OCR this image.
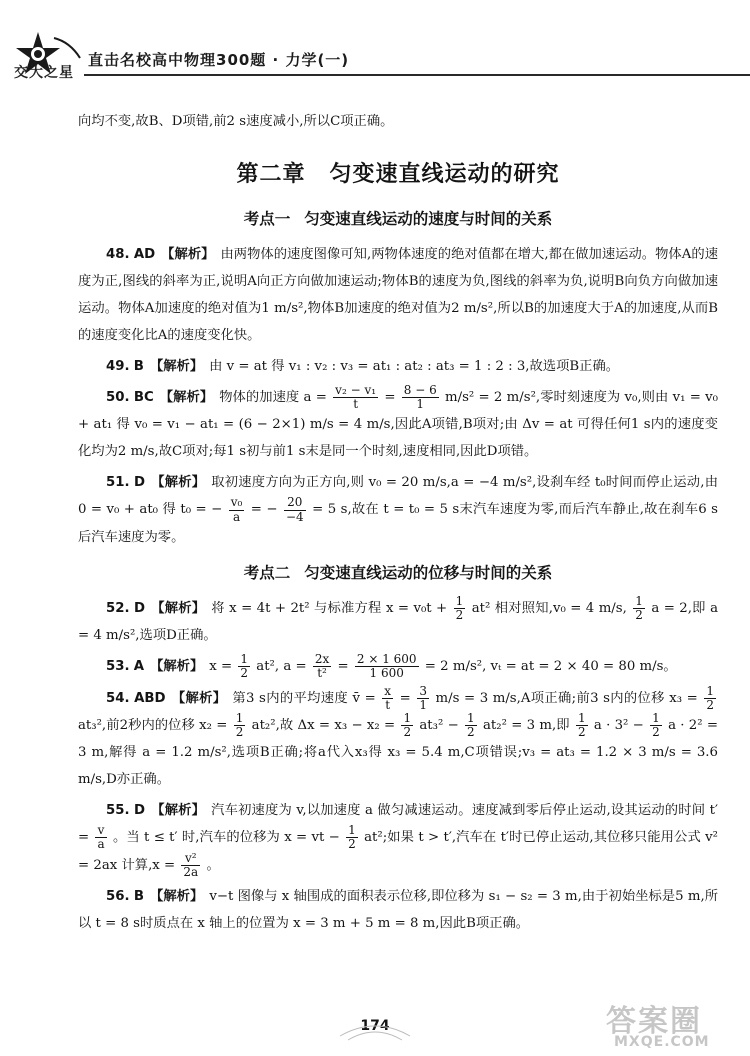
交大之星
直击名校高中物理300题 · 力学(一)

向均不变,故B、D项错,前2 s速度减小,所以C项正确。

第二章 匀变速直线运动的研究
考点一 匀变速直线运动的速度与时间的关系

48. AD 【解析】 由两物体的速度图像可知,两物体速度的绝对值都在增大,都在做加速运动。物体A的速度为正,图线的斜率为正,说明A向正方向做加速运动;物体B的速度为负,图线的斜率为负,说明B向负方向做加速运动。物体A加速度的绝对值为1 m/s²,物体B加速度的绝对值为2 m/s²,所以B的加速度大于A的加速度,从而B的速度变化比A的速度变化快。

49. B 【解析】 由 v = at 得 v₁ : v₂ : v₃ = at₁ : at₂ : at₃ = 1 : 2 : 3,故选项B正确。

50. BC 【解析】 物体的加速度 $a = \frac{\text{v₂ − v₁}}{t} = \frac{8 - 6}{1} m/s^2 = 2$ m/s²,零时刻速度为 v₀,则由 v₁ = v₀ + at₁ 得 v₀ = v₁ − at₁ = (6 − 2×1) m/s = 4 m/s,因此A项错,B项对;由 Δv = at 可得任何1 s内的速度变化均为2 m/s,故C项对;每1 s初与前1 s末是同一个时刻,速度相同,因此D项错。

51. D 【解析】 取初速度方向为正方向,则 v₀ = 20 m/s,a = −4 m/s²,设刹车经 t₀时间而停止运动,由 0 = v₀ + at₀ 得 t₀ = − $\frac{\text{v₀}}{a}$ = − $\frac{20}{-4} = 5$ s,故在 t = t₀ = 5 s末汽车速度为零,而后汽车静止,故在刹车6 s后汽车速度为零。

考点二 匀变速直线运动的位移与时间的关系

52. D 【解析】 将 x = 4t + 2t² 与标准方程 $x = v_0t + \frac{1}{2} at^2$ 相对照知,v₀ = 4 m/s, $\frac{1}{2}$ a = 2,即 a = 4 m/s²,选项D正确。

53. A 【解析】 $x = \frac{1}{2} at^2$, $a = \frac{2x}{\text{t²}} = \frac{2 \times 1 600}{1 600} = 2$ m/s², vₜ = at = 2 × 40 = 80 m/s。

54. ABD 【解析】 第3 s内的平均速度 v̄ = $\frac{x}{t} = \frac{3}{1} m/s = 3$ m/s,A项正确;前3 s内的位移 $x_3 = \frac{1}{2}$
at₃²,前2秒内的位移 $x_2 = \frac{1}{2} at_2^2$,故 $\Delta x = x_3 - x_2 = \frac{1}{2} at_3^2 - \frac{1}{2} at_2^2 = 3$ m,即 $\frac{1}{2}$ $a \cdot 3^2 - \frac{1}{2}$ a · 2² = 3 m,解得 a = 1.2 m/s²,选项B正确;将a代入x₃得 x₃ = 5.4 m,C项错误;v₃ = at₃ = 1.2 × 3 m/s = 3.6 m/s,D亦正确。

55. D 【解析】 汽车初速度为 v,以加速度 a 做匀减速运动。速度减到零后停止运动,设其运动的时间 $t' = \frac{v}{a}$ 。当 t ≤ t′ 时,汽车的位移为 x = vt − $\frac{1}{2} at^2$;如果 t > t′,汽车在 t′时已停止运动,其位移只能用公式 v² = 2ax 计算$,x = \frac{\text{v²}}{2a}$ 。

56. B 【解析】 v−t 图像与 x 轴围成的面积表示位移,即位移为 s₁ − s₂ = 3 m,由于初始坐标是5 m,所以 t = 8 s时质点在 x 轴上的位置为 x = 3 m + 5 m = 8 m,因此B项正确。

174	答案圈
MXQE.COM
